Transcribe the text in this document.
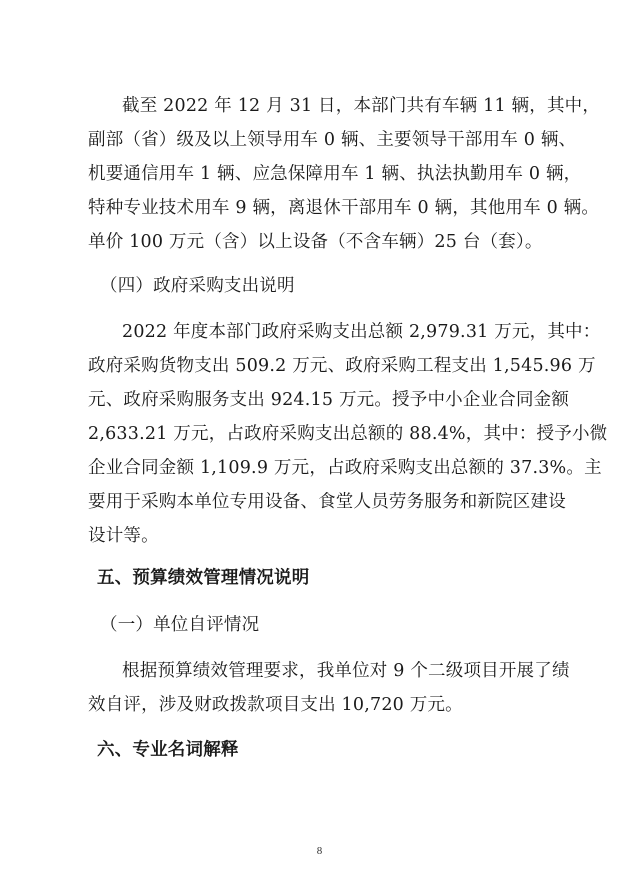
截至 2022 年 12 月 31 日，本部门共有车辆 11 辆，其中，
副部（省）级及以上领导用车 0 辆、主要领导干部用车 0 辆、
机要通信用车 1 辆、应急保障用车 1 辆、执法执勤用车 0 辆，
特种专业技术用车 9 辆，离退休干部用车 0 辆，其他用车 0 辆。
单价 100 万元（含）以上设备（不含车辆）25 台（套）。
（四）政府采购支出说明
2022 年度本部门政府采购支出总额 2,979.31 万元，其中：
政府采购货物支出 509.2 万元、政府采购工程支出 1,545.96 万
元、政府采购服务支出 924.15 万元。授予中小企业合同金额
2,633.21 万元，占政府采购支出总额的 88.4%，其中：授予小微
企业合同金额 1,109.9 万元，占政府采购支出总额的 37.3%。主
要用于采购本单位专用设备、食堂人员劳务服务和新院区建设
设计等。
五、预算绩效管理情况说明
（一）单位自评情况
根据预算绩效管理要求，我单位对 9 个二级项目开展了绩
效自评，涉及财政拨款项目支出 10,720 万元。
六、专业名词解释
8
